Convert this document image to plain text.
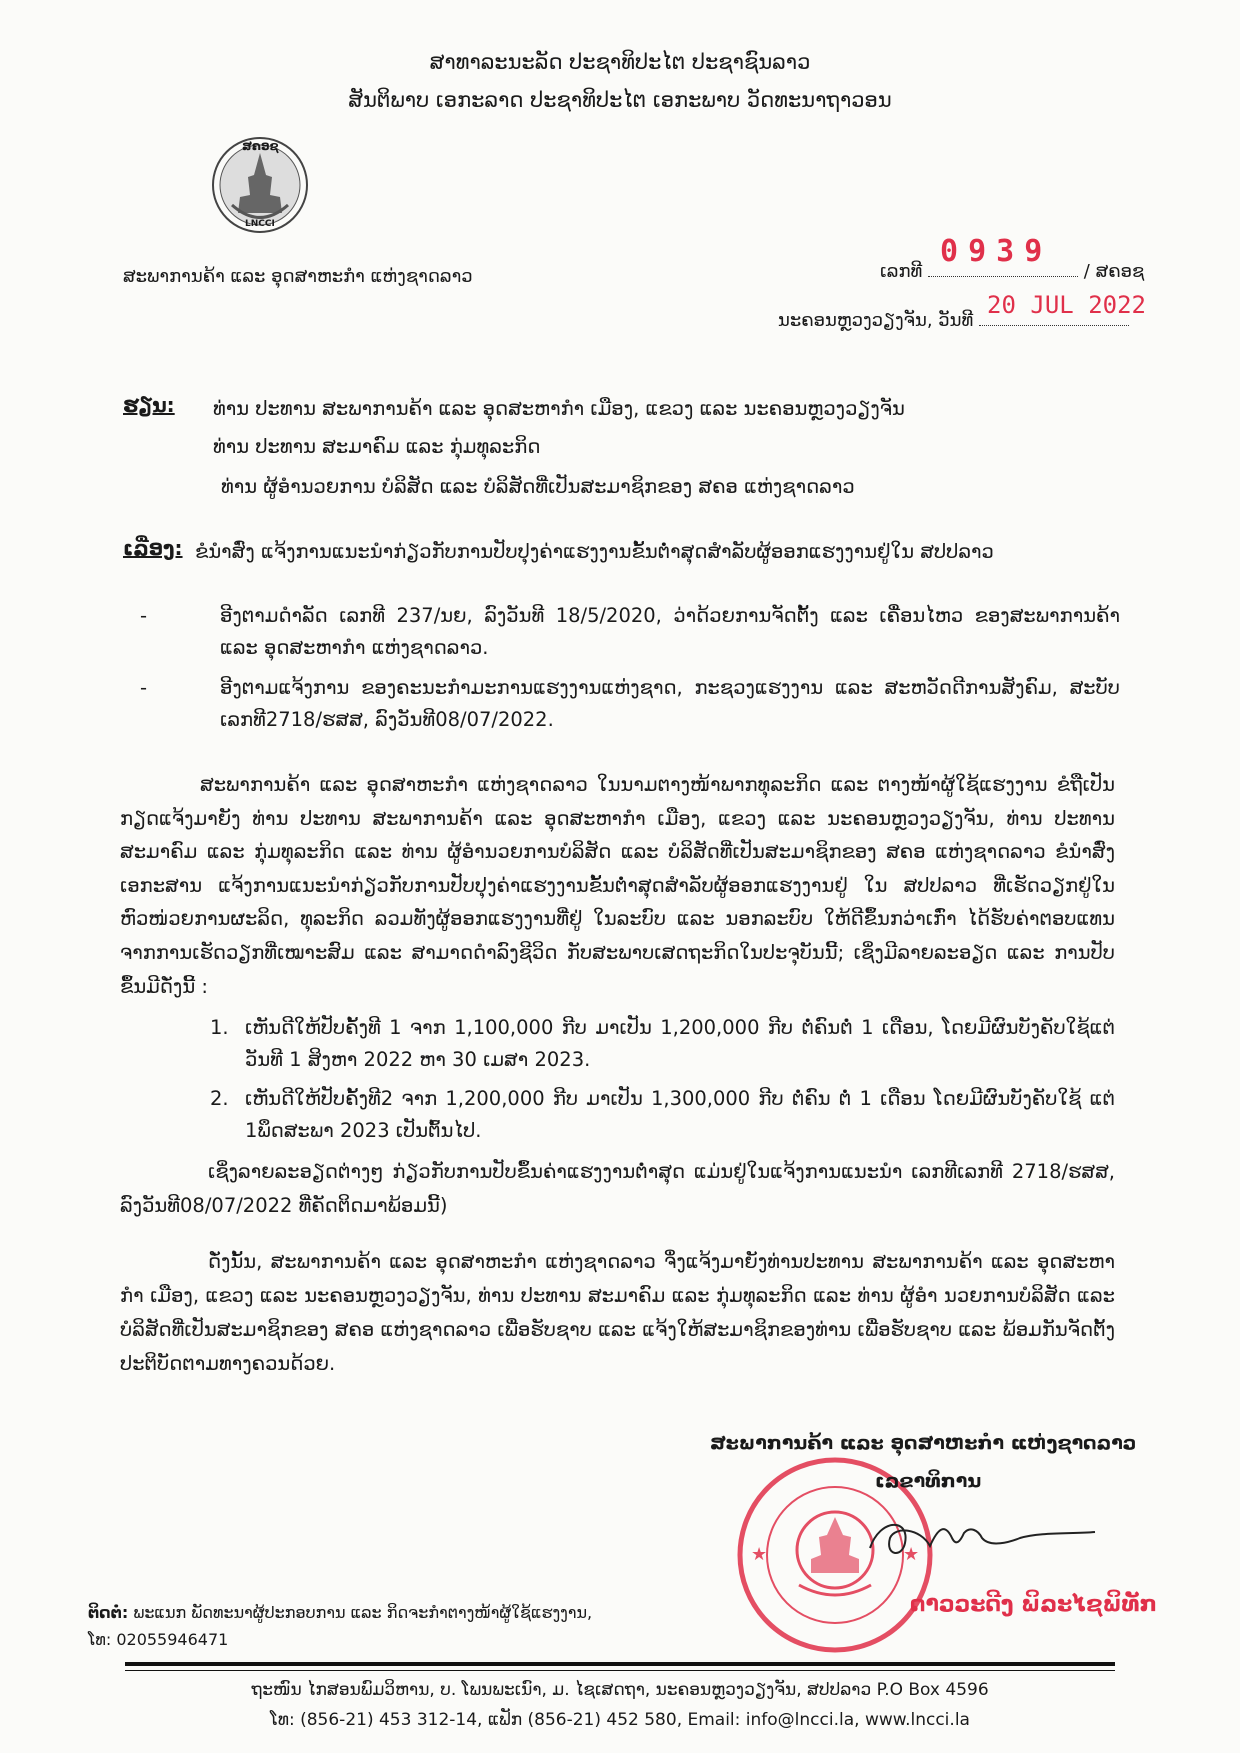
ສາທາລະນະລັດ ປະຊາທິປະໄຕ ປະຊາຊົນລາວ
ສັນຕິພາບ ເອກະລາດ ປະຊາທິປະໄຕ ເອກະພາບ ວັດທະນາຖາວອນ
ສຄອຊ
LNCCI
ສະພາການຄ້າ ແລະ ອຸດສາຫະກໍາ ແຫ່ງຊາດລາວ	ເລກທີ
0939
/ ສຄອຊ
ນະຄອນຫຼວງວຽງຈັນ, ວັນທີ
20 JUL 2022
ຮຽນ: ທ່ານ ປະທານ ສະພາການຄ້າ ແລະ ອຸດສະຫາກໍາ ເມືອງ, ແຂວງ ແລະ ນະຄອນຫຼວງວຽງຈັນ
ທ່ານ ປະທານ ສະມາຄົມ ແລະ ກຸ່ມທຸລະກິດ
ທ່ານ ຜູ້ອໍານວຍການ ບໍລິສັດ ແລະ ບໍລິສັດທີ່ເປັນສະມາຊິກຂອງ ສຄອ ແຫ່ງຊາດລາວ
ເລື່ອງ: ຂໍນໍາສົ່ງ ແຈ້ງການແນະນໍາກ່ຽວກັບການປັບປຸງຄ່າແຮງງານຂັ້ນຕໍ່າສຸດສໍາລັບຜູ້ອອກແຮງງານຢູ່ໃນ ສປປລາວ
-	ອີງຕາມດໍາລັດ ເລກທີ 237/ນຍ, ລົງວັນທີ 18/5/2020, ວ່າດ້ວຍການຈັດຕັ້ງ ແລະ ເຄື່ອນໄຫວ ຂອງສະພາການຄ້າ ແລະ ອຸດສະຫາກໍາ ແຫ່ງຊາດລາວ.
-	ອີງຕາມແຈ້ງການ ຂອງຄະນະກໍາມະການແຮງງານແຫ່ງຊາດ, ກະຊວງແຮງງານ ແລະ ສະຫວັດດີການສັງຄົມ, ສະບັບ ເລກທີ2718/ຮສສ, ລົງວັນທີ08/07/2022.
ສະພາການຄ້າ ແລະ ອຸດສາຫະກໍາ ແຫ່ງຊາດລາວ ໃນນາມຕາງໜ້າພາກທຸລະກິດ ແລະ ຕາງໜ້າຜູ້ໃຊ້ແຮງງານ ຂໍຖືເປັນກຽດແຈ້ງມາຍັງ ທ່ານ ປະທານ ສະພາການຄ້າ ແລະ ອຸດສະຫາກໍາ ເມືອງ, ແຂວງ ແລະ ນະຄອນຫຼວງວຽງຈັນ, ທ່ານ ປະທານ ສະມາຄົມ ແລະ ກຸ່ມທຸລະກິດ ແລະ ທ່ານ ຜູ້ອໍານວຍການບໍລິສັດ ແລະ ບໍລິສັດທີ່ເປັນສະມາຊິກຂອງ ສຄອ ແຫ່ງຊາດລາວ ຂໍນໍາສົ່ງເອກະສານ ແຈ້ງການແນະນໍາກ່ຽວກັບການປັບປຸງຄ່າແຮງງານຂັ້ນຕໍ່າສຸດສໍາລັບຜູ້ອອກແຮງງານຢູ່ ໃນ ສປປລາວ ທີ່ເຮັດວຽກຢູ່ໃນຫົວໜ່ວຍການຜະລິດ, ທຸລະກິດ ລວມທັງຜູ້ອອກແຮງງານທີ່ຢູ່ ໃນລະບົບ ແລະ ນອກລະບົບ ໃຫ້ດີຂຶ້ນກວ່າເກົ່າ ໄດ້ຮັບຄ່າຕອບແທນຈາກການເຮັດວຽກທີ່ເໝາະສົມ ແລະ ສາມາດດໍາລົງຊີວິດ ກັບສະພາບເສດຖະກິດໃນປະຈຸບັນນີ້; ເຊິ່ງມີລາຍລະອຽດ ແລະ ການປັບຂຶ້ນມີດັ່ງນີ້ :
1. ເຫັນດີໃຫ້ປັບຄັ້ງທີ 1 ຈາກ 1,100,000 ກີບ ມາເປັນ 1,200,000 ກີບ ຕໍ່ຄົນຕໍ່ 1 ເດືອນ, ໂດຍມີຜົນບັງຄັບໃຊ້ແຕ່ ວັນທີ 1 ສິງຫາ 2022 ຫາ 30 ເມສາ 2023.
2. ເຫັນດີໃຫ້ປັບຄັ້ງທີ2 ຈາກ 1,200,000 ກີບ ມາເປັນ 1,300,000 ກີບ ຕໍ່ຄົນ ຕໍ່ 1 ເດືອນ ໂດຍມີຜົນບັງຄັບໃຊ້ ແຕ່ 1ພຶດສະພາ 2023 ເປັນຕົ້ນໄປ.
ເຊິ່ງລາຍລະອຽດຕ່າງໆ ກ່ຽວກັບການປັບຂຶ້ນຄ່າແຮງງານຕໍ່າສຸດ ແມ່ນຢູ່ໃນແຈ້ງການແນະນໍາ ເລກທີເລກທີ 2718/ຮສສ, ລົງວັນທີ08/07/2022 ທີ່ຄັດຕິດມາພ້ອມນີ້)
ດັ່ງນັ້ນ, ສະພາການຄ້າ ແລະ ອຸດສາຫະກໍາ ແຫ່ງຊາດລາວ ຈຶ່ງແຈ້ງມາຍັງທ່ານປະທານ ສະພາການຄ້າ ແລະ ອຸດສະຫາກໍາ ເມືອງ, ແຂວງ ແລະ ນະຄອນຫຼວງວຽງຈັນ, ທ່ານ ປະທານ ສະມາຄົມ ແລະ ກຸ່ມທຸລະກິດ ແລະ ທ່ານ ຜູ້ອໍາ ນວຍການບໍລິສັດ ແລະ ບໍລິສັດທີ່ເປັນສະມາຊິກຂອງ ສຄອ ແຫ່ງຊາດລາວ ເພື່ອຮັບຊາບ ແລະ ແຈ້ງໃຫ້ສະມາຊິກຂອງທ່ານ ເພື່ອຮັບຊາບ ແລະ ພ້ອມກັນຈັດຕັ້ງປະຕິບັດຕາມທາງຄວນດ້ວຍ.
★	★
ສະພາການຄ້າ ແລະ ອຸດສາຫະກໍາ ແຫ່ງຊາດລາວ
ເລຂາທິການ
ດາວວະດີງ ພິລະໄຊພິທັກ
ຕິດຕໍ່: ພະແນກ ພັດທະນາຜູ້ປະກອບການ ແລະ ກິດຈະກໍາຕາງໜ້າຜູ້ໃຊ້ແຮງງານ,
ໂທ: 02055946471
ຖະໜົນ ໄກສອນພົມວິຫານ, ບ. ໂພນພະເນົາ, ມ. ໄຊເສດຖາ, ນະຄອນຫຼວງວຽງຈັນ, ສປປລາວ P.O Box 4596
ໂທ: (856-21) 453 312-14, ແຟັກ (856-21) 452 580, Email: info@lncci.la, www.lncci.la
